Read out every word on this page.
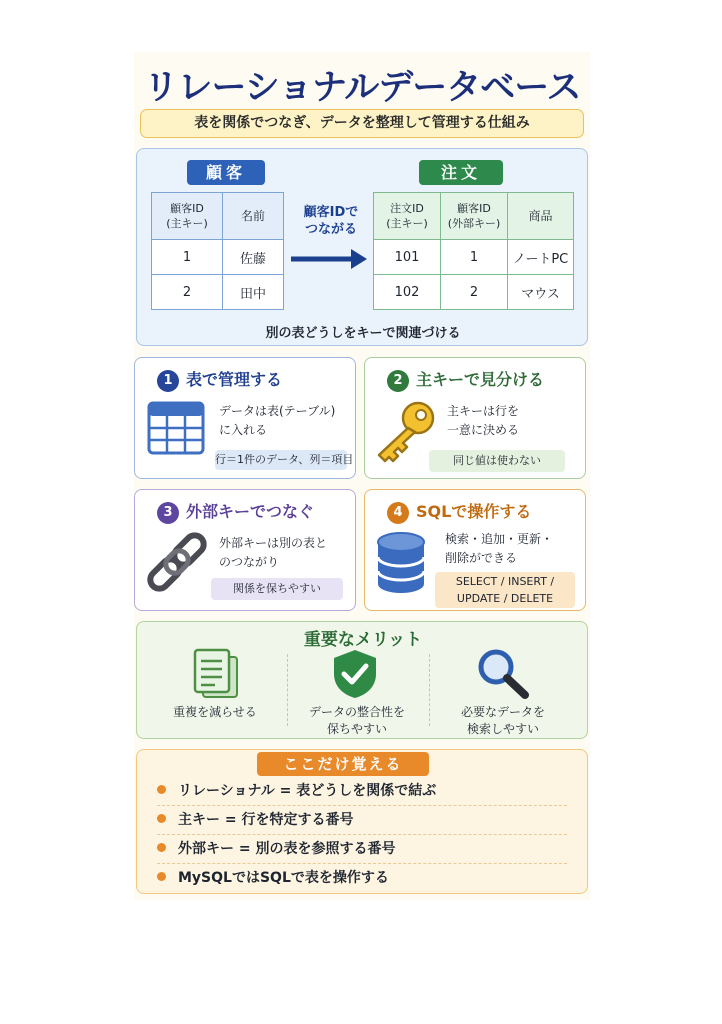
リレーショナルデータベース
表を関係でつなぎ、データを整理して管理する仕組み
顧客	注文
顧客ID
(主キー)	名前
1	佐藤
2	田中
顧客IDで
つながる
注文ID
(主キー)	顧客ID
(外部キー)	商品
101	1	ノートPC
102	2	マウス
別の表どうしをキーで関連づける
1 表で管理する
データは表(テーブル)
に入れる
行＝1件のデータ、列＝項目
2 主キーで見分ける
主キーは行を
一意に決める
同じ値は使わない
3 外部キーでつなぐ
外部キーは別の表と
のつながり
関係を保ちやすい
4 SQLで操作する
検索・追加・更新・
削除ができる
SELECT / INSERT /
UPDATE / DELETE
重要なメリット
重複を減らせる	データの整合性を
保ちやすい
必要なデータを
検索しやすい
ここだけ覚える
リレーショナル = 表どうしを関係で結ぶ
主キー = 行を特定する番号
外部キー = 別の表を参照する番号
MySQLではSQLで表を操作する
